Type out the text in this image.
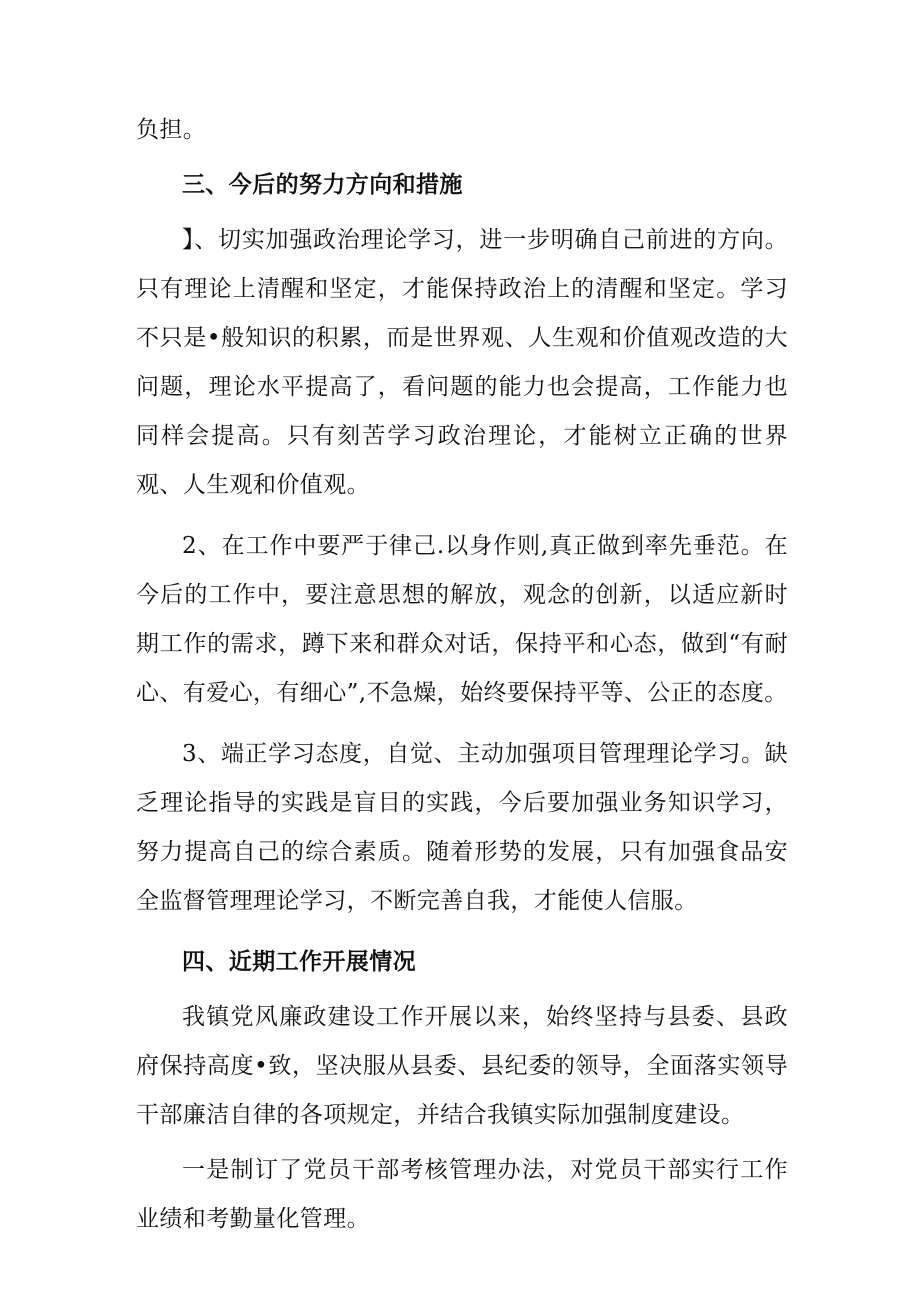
负担。

三、今后的努力方向和措施

】、切实加强政治理论学习，进一步明确自己前进的方向。只有理论上清醒和坚定，才能保持政治上的清醒和坚定。学习不只是•般知识的积累，而是世界观、人生观和价值观改造的大问题，理论水平提高了，看问题的能力也会提高，工作能力也同样会提高。只有刻苦学习政治理论，才能树立正确的世界观、人生观和价值观。

2、在工作中要严于律己.以身作则,真正做到率先垂范。在今后的工作中，要注意思想的解放，观念的创新，以适应新时期工作的需求，蹲下来和群众对话，保持平和心态，做到“有耐心、有爱心，有细心”,不急燥，始终要保持平等、公正的态度。

3、端正学习态度，自觉、主动加强项目管理理论学习。缺乏理论指导的实践是盲目的实践，今后要加强业务知识学习，努力提高自己的综合素质。随着形势的发展，只有加强食品安全监督管理理论学习，不断完善自我，才能使人信服。

四、近期工作开展情况

我镇党风廉政建设工作开展以来，始终坚持与县委、县政府保持高度•致，坚决服从县委、县纪委的领导，全面落实领导干部廉洁自律的各项规定，并结合我镇实际加强制度建设。

一是制订了党员干部考核管理办法，对党员干部实行工作业绩和考勤量化管理。
